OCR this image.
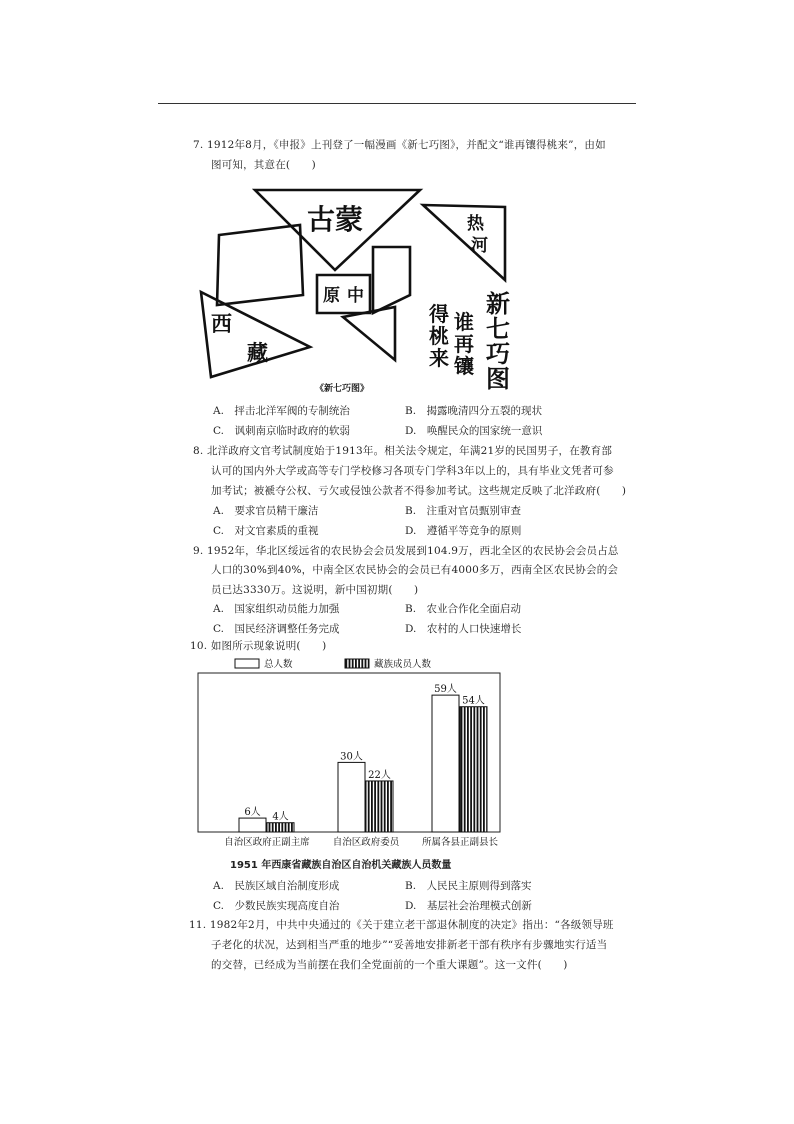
7. 1912年8月，《申报》上刊登了一幅漫画《新七巧图》，并配文“谁再镶得桃来”，由如
图可知，其意在(　　)
古蒙	热
河
原 中
西
藏
新
七
巧
图
谁
再
镶
得
桃
来
《新七巧图》
A.　抨击北洋军阀的专制统治	B.　揭露晚清四分五裂的现状
C.　讽刺南京临时政府的软弱	D.　唤醒民众的国家统一意识
8. 北洋政府文官考试制度始于1913年。相关法令规定，年满21岁的民国男子，在教育部
认可的国内外大学或高等专门学校修习各项专门学科3年以上的，具有毕业文凭者可参
加考试；被褫夺公权、亏欠或侵蚀公款者不得参加考试。这些规定反映了北洋政府(　　)
A.　要求官员精干廉洁	B.　注重对官员甄别审查
C.　对文官素质的重视	D.　遵循平等竞争的原则
9. 1952年，华北区绥远省的农民协会会员发展到104.9万，西北全区的农民协会会员占总
人口的30%到40%，中南全区农民协会的会员已有4000多万，西南全区农民协会的会
员已达3330万。这说明，新中国初期(　　)
A.　国家组织动员能力加强	B.　农业合作化全面启动
C.　国民经济调整任务完成	D.　农村的人口快速增长
10. 如图所示现象说明(　　)
总人数	藏族成员人数
6人 4人
30人
22人
59人
54人
自治区政府正副主席 自治区政府委员 所属各县正副县长
1951 年西康省藏族自治区自治机关藏族人员数量
A.　民族区域自治制度形成	B.　人民民主原则得到落实
C.　少数民族实现高度自治	D.　基层社会治理模式创新
11. 1982年2月，中共中央通过的《关于建立老干部退休制度的决定》指出：“各级领导班
子老化的状况，达到相当严重的地步”“妥善地安排新老干部有秩序有步骤地实行适当
的交替，已经成为当前摆在我们全党面前的一个重大课题”。这一文件(　　)
